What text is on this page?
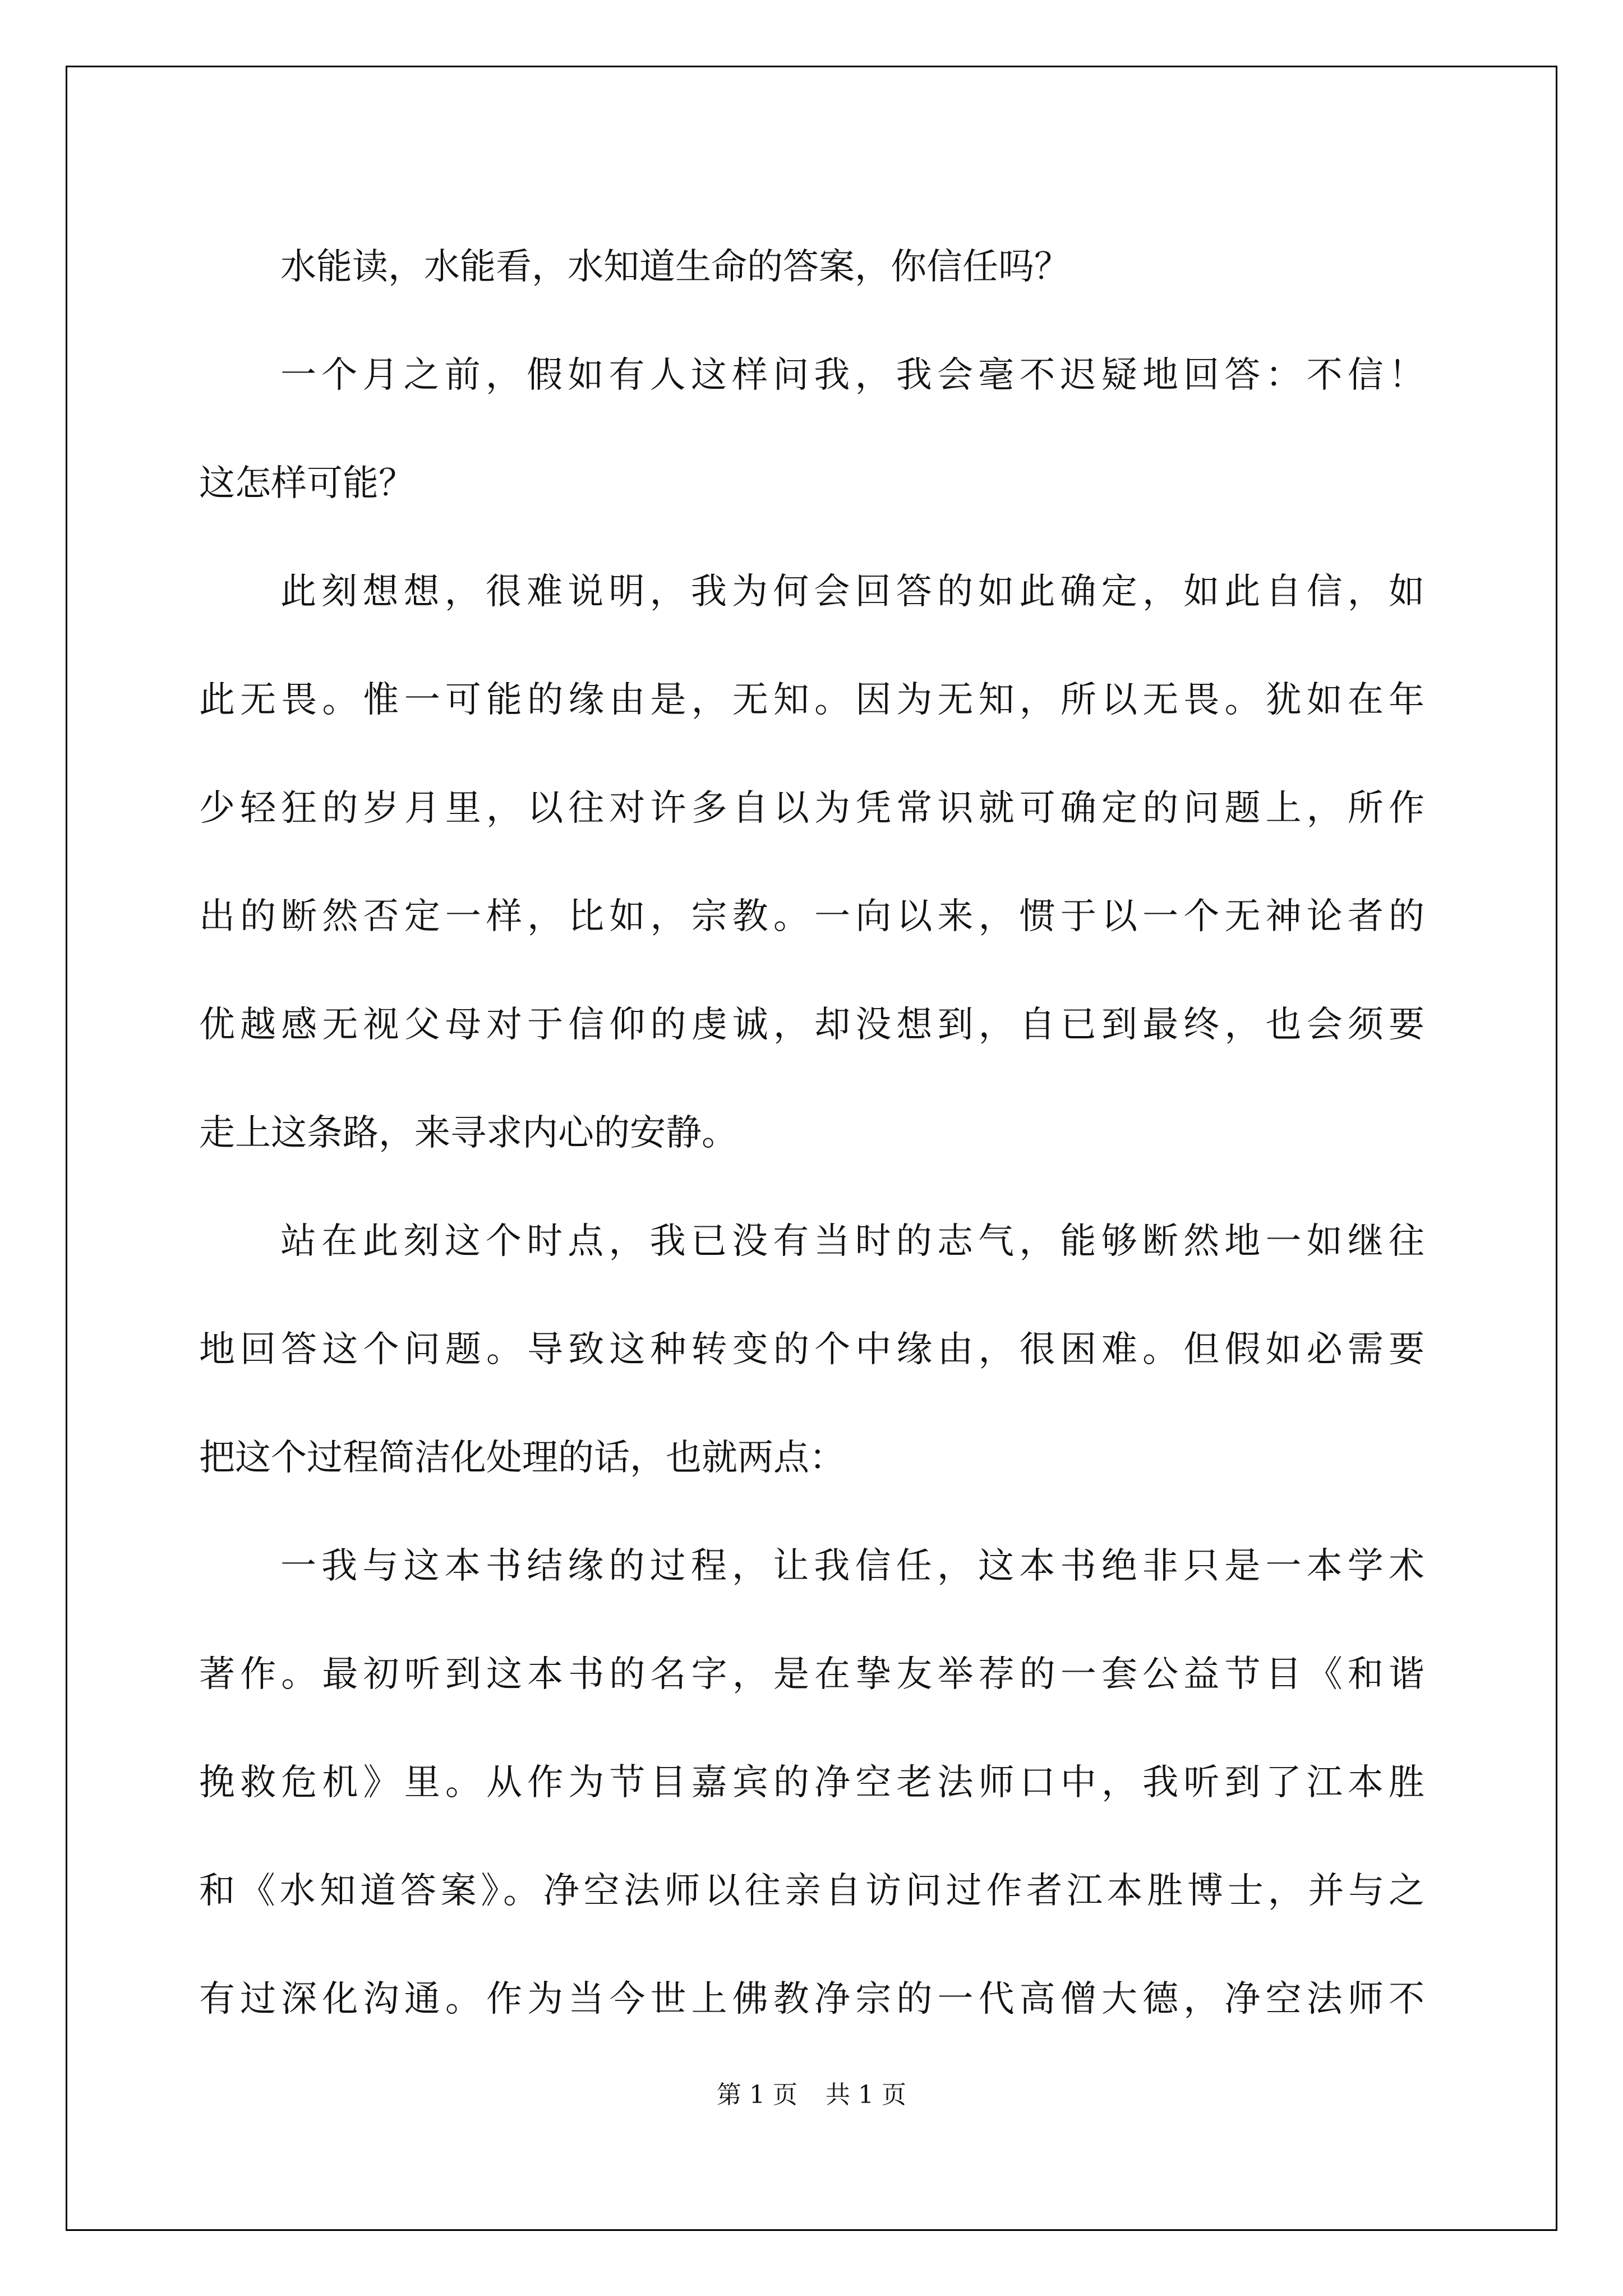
水能读，水能看，水知道生命的答案，你信任吗？
一个月之前，假如有人这样问我，我会毫不迟疑地回答：不信！
这怎样可能？
此刻想想，很难说明，我为何会回答的如此确定，如此自信，如
此无畏。惟一可能的缘由是，无知。因为无知，所以无畏。犹如在年
少轻狂的岁月里，以往对许多自以为凭常识就可确定的问题上，所作
出的断然否定一样，比如，宗教。一向以来，惯于以一个无神论者的
优越感无视父母对于信仰的虔诚，却没想到，自已到最终，也会须要
走上这条路，来寻求内心的安静。
站在此刻这个时点，我已没有当时的志气，能够断然地一如继往
地回答这个问题。导致这种转变的个中缘由，很困难。但假如必需要
把这个过程简洁化处理的话，也就两点：
一我与这本书结缘的过程，让我信任，这本书绝非只是一本学术
著作。最初听到这本书的名字，是在挚友举荐的一套公益节目《和谐
挽救危机》里。从作为节目嘉宾的净空老法师口中，我听到了江本胜
和《水知道答案》。净空法师以往亲自访问过作者江本胜博士，并与之
有过深化沟通。作为当今世上佛教净宗的一代高僧大德，净空法师不
第 1 页 共 1 页
